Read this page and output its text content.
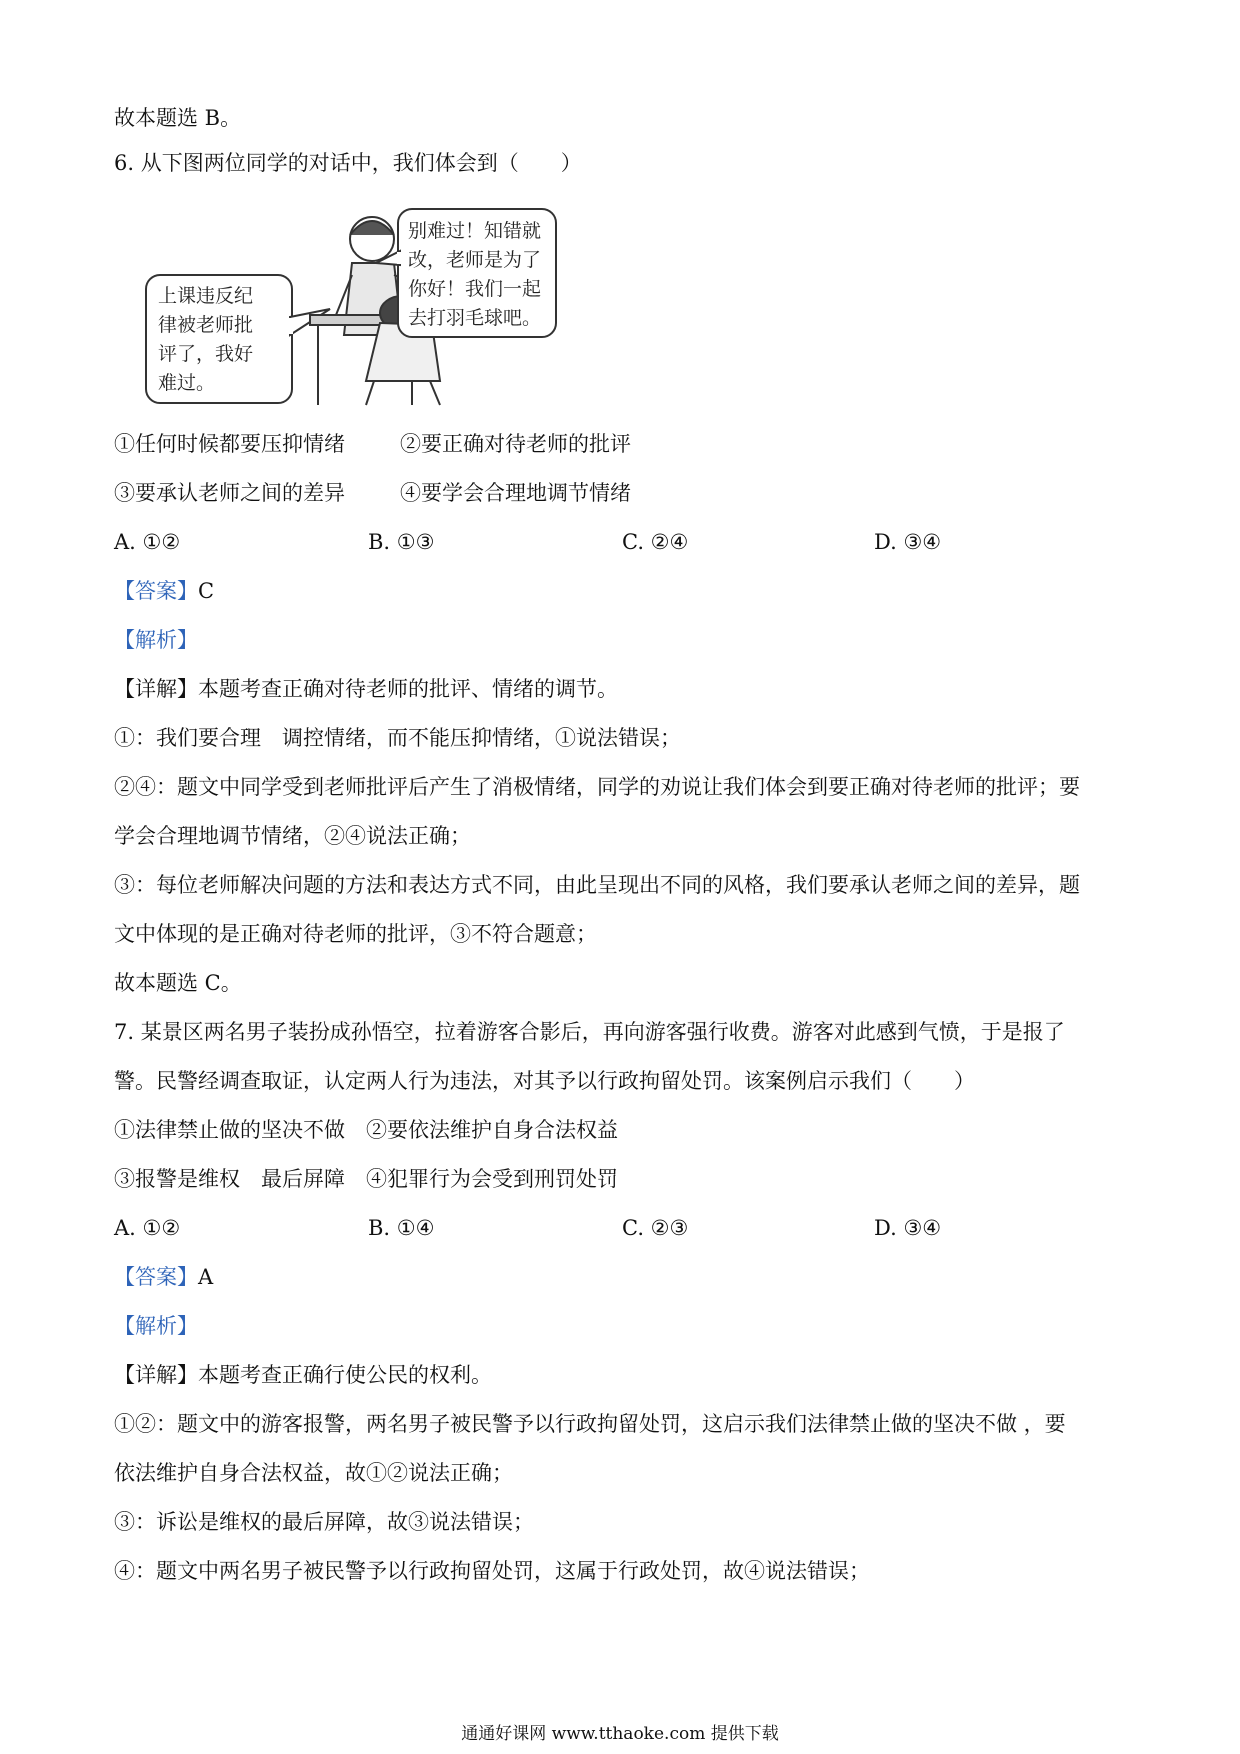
故本题选 B。
6. 从下图两位同学的对话中，我们体会到（　　）
上课违反纪
律被老师批
评了，我好
难过。
别难过！知错就
改，老师是为了
你好！我们一起
去打羽毛球吧。
①任何时候都要压抑情绪	②要正确对待老师的批评
③要承认老师之间的差异	④要学会合理地调节情绪
A. ①②	B. ①③	C. ②④	D. ③④
【答案】C
【解析】
【详解】本题考查正确对待老师的批评、情绪的调节。
①：我们要合理　调控情绪，而不能压抑情绪，①说法错误；
②④：题文中同学受到老师批评后产生了消极情绪，同学的劝说让我们体会到要正确对待老师的批评；要
学会合理地调节情绪，②④说法正确；
③：每位老师解决问题的方法和表达方式不同，由此呈现出不同的风格，我们要承认老师之间的差异，题
文中体现的是正确对待老师的批评，③不符合题意；
故本题选 C。
7. 某景区两名男子装扮成孙悟空，拉着游客合影后，再向游客强行收费。游客对此感到气愤，于是报了
警。民警经调查取证，认定两人行为违法，对其予以行政拘留处罚。该案例启示我们（　　）
①法律禁止做的坚决不做　②要依法维护自身合法权益
③报警是维权　最后屏障　④犯罪行为会受到刑罚处罚
A. ①②	B. ①④	C. ②③	D. ③④
【答案】A
【解析】
【详解】本题考查正确行使公民的权利。
①②：题文中的游客报警，两名男子被民警予以行政拘留处罚，这启示我们法律禁止做的坚决不做 ，要
依法维护自身合法权益，故①②说法正确；
③：诉讼是维权的最后屏障，故③说法错误；
④：题文中两名男子被民警予以行政拘留处罚，这属于行政处罚，故④说法错误；
通通好课网 www.tthaoke.com 提供下载
